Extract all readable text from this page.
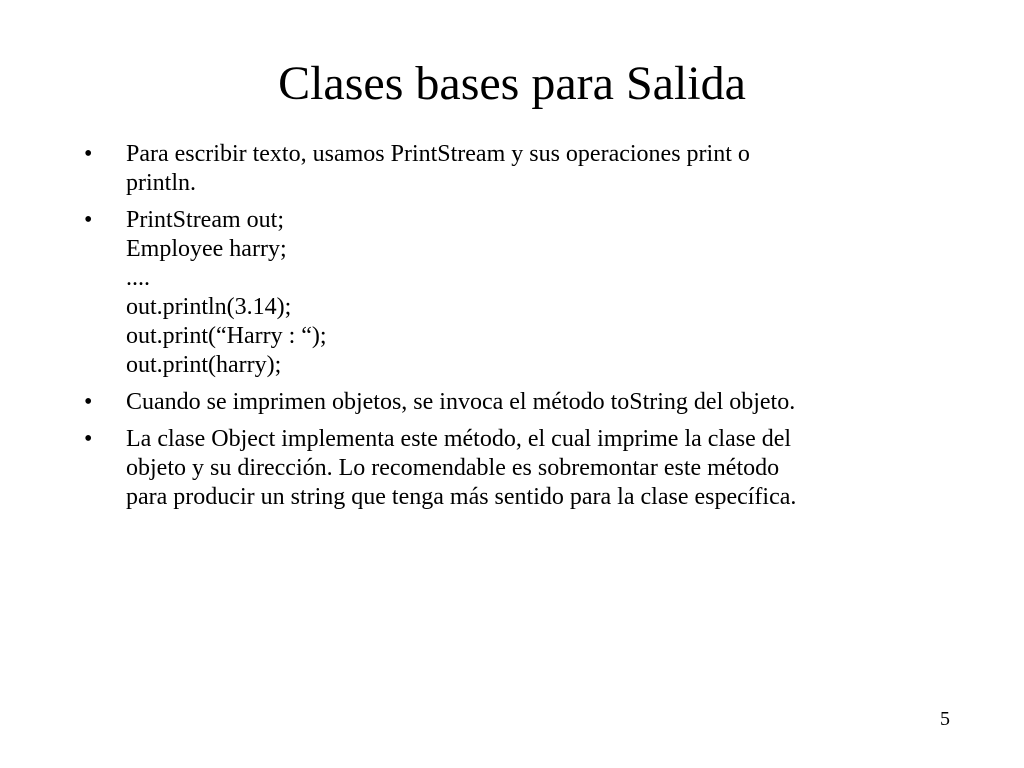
Clases bases para Salida
•	Para escribir texto, usamos PrintStream y sus operaciones print o
println.
•	PrintStream out;
Employee harry;
....
out.println(3.14);
out.print(“Harry : “);
out.print(harry);
•	Cuando se imprimen objetos, se invoca el método toString del objeto.
•	La clase Object implementa este método, el cual imprime la clase del
objeto y su dirección. Lo recomendable es sobremontar este método
para producir un string que tenga más sentido para la clase específica.
5
